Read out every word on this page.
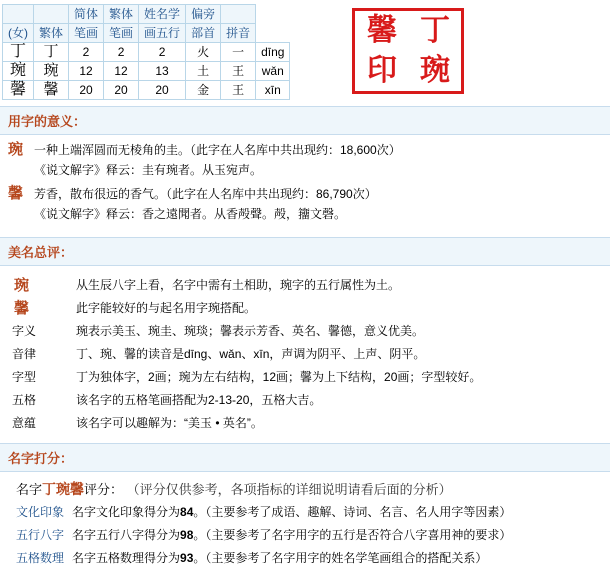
		简体	繁体	姓名学	偏旁		
(女)	繁体	笔画	笔画	画五行	部首	拼音	
丁	丁	2	2	2	火	一	dīng
琬	琬	12	12	13	土	王	wǎn
馨	馨	20	20	20	金	王	xīn
馨 丁
印 琬
用字的意义：
琬 一种上端浑圆而无棱角的圭。（此字在人名库中共出现约：18,600次）
《说文解字》释云：圭有琬者。从玉宛声。
馨 芳香，散布很远的香气。（此字在人名库中共出现约：86,790次）
《说文解字》释云：香之遠聞者。从香殸聲。殸，籒文磬。
美名总评：
琬	从生辰八字上看，名字中需有土相助，琬字的五行属性为土。
馨	此字能较好的与起名用字琬搭配。
字义	琬表示美玉、琬圭、琬琰；馨表示芳香、英名、馨德，意义优美。
音律	丁、琬、馨的读音是dīng、wǎn、xīn，声调为阴平、上声、阴平。
字型	丁为独体字，2画；琬为左右结构，12画；馨为上下结构，20画；字型较好。
五格	该名字的五格笔画搭配为2-13-20，五格大吉。
意蕴	该名字可以趣解为：“美玉 • 英名”。
名字打分：
名字丁琬馨评分： （评分仅供参考，各项指标的详细说明请看后面的分析）
文化印象 名字文化印象得分为84。（主要参考了成语、趣解、诗词、名言、名人用字等因素）
五行八字 名字五行八字得分为98。（主要参考了名字用字的五行是否符合八字喜用神的要求）
五格数理 名字五格数理得分为93。（主要参考了名字用字的姓名学笔画组合的搭配关系）
